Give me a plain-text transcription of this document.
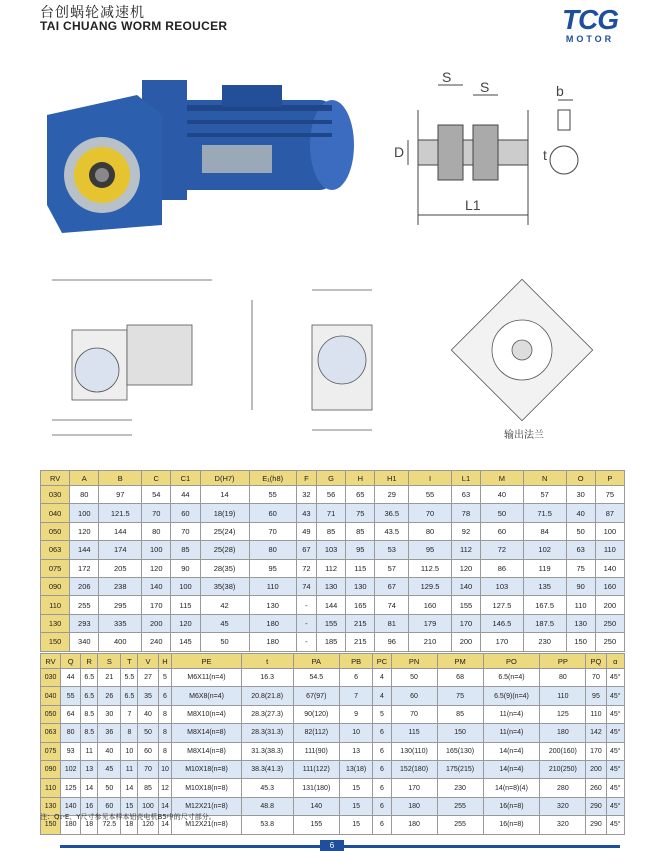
台创蜗轮减速机
TAI CHUANG WORM REOUCER	TCG
MOTOR
S
S	b
D	t
L1
输出法兰
RV	A	B	C	C1	D(H7)	E₁(h8)	F	G	H	H1	I	L1	M	N	O	P
030	80	97	54	44	14	55	32	56	65	29	55	63	40	57	30	75
040	100	121.5	70	60	18(19)	60	43	71	75	36.5	70	78	50	71.5	40	87
050	120	144	80	70	25(24)	70	49	85	85	43.5	80	92	60	84	50	100
063	144	174	100	85	25(28)	80	67	103	95	53	95	112	72	102	63	110
075	172	205	120	90	28(35)	95	72	112	115	57	112.5	120	86	119	75	140
090	206	238	140	100	35(38)	110	74	130	130	67	129.5	140	103	135	90	160
110	255	295	170	115	42	130	-	144	165	74	160	155	127.5	167.5	110	200
130	293	335	200	120	45	180	-	155	215	81	179	170	146.5	187.5	130	250
150	340	400	240	145	50	180	-	185	215	96	210	200	170	230	150	250
RV	Q	R	S	T	V	H	PE	t	PA	PB	PC	PN	PM	PO	PP	PQ	α
030	44	6.5	21	5.5	27	5	M6X11(n=4)	16.3	54.5	6	4	50	68	6.5(n=4)	80	70	45°
040	55	6.5	26	6.5	35	6	M6X8(n=4)	20.8(21.8)	67(97)	7	4	60	75	6.5(9)(n=4)	110	95	45°
050	64	8.5	30	7	40	8	M8X10(n=4)	28.3(27.3)	90(120)	9	5	70	85	11(n=4)	125	110	45°
063	80	8.5	36	8	50	8	M8X14(n=8)	28.3(31.3)	82(112)	10	6	115	150	11(n=4)	180	142	45°
075	93	11	40	10	60	8	M8X14(n=8)	31.3(38.3)	111(90)	13	6	130(110)	165(130)	14(n=4)	200(160)	170	45°
090	102	13	45	11	70	10	M10X18(n=8)	38.3(41.3)	111(122)	13(18)	6	152(180)	175(215)	14(n=4)	210(250)	200	45°
110	125	14	50	14	85	12	M10X18(n=8)	45.3	131(180)	15	6	170	230	14(n=8)(4)	280	260	45°
130	140	16	60	15	100	14	M12X21(n=8)	48.8	140	15	6	180	255	16(n=8)	320	290	45°
150	180	18	72.5	18	120	14	M12X21(n=8)	53.8	155	15	6	180	255	16(n=8)	320	290	45°
注：Q₁-E、Y尺寸参见本样本铝壳电机B5中的尺寸部分。
6
